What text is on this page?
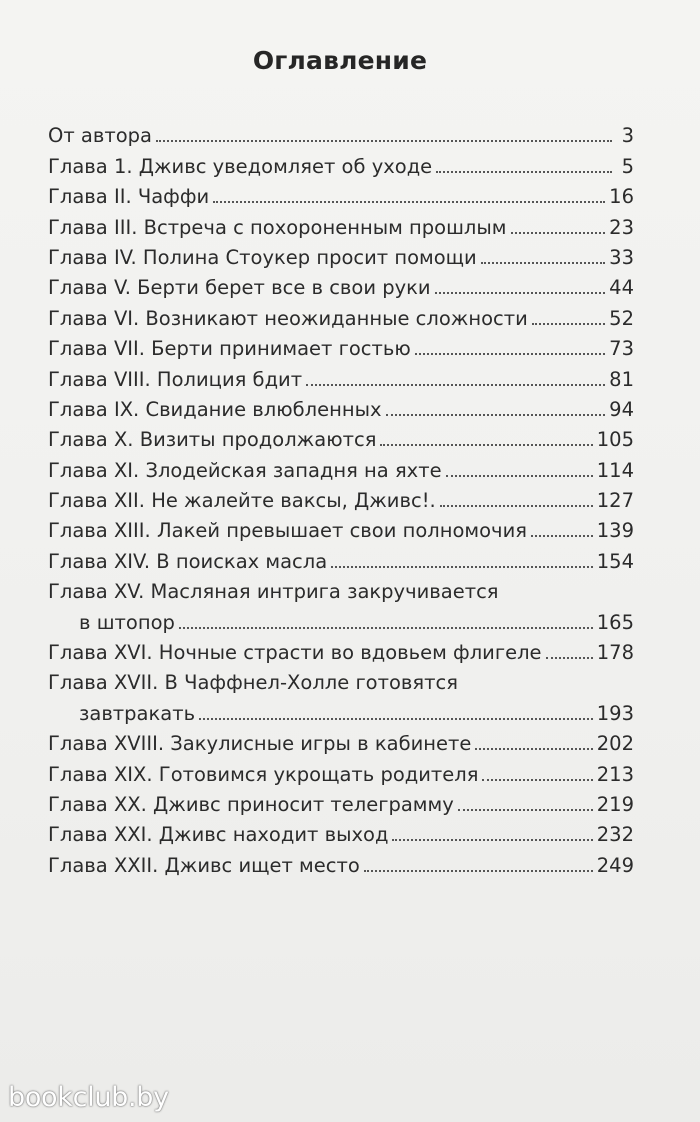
Оглавление
От автора	3
Глава 1. Дживс уведомляет об уходе	5
Глава II. Чаффи	16
Глава III. Встреча с похороненным прошлым	23
Глава IV. Полина Стоукер просит помощи	33
Глава V. Берти берет все в свои руки	44
Глава VI. Возникают неожиданные сложности	52
Глава VII. Берти принимает гостью	73
Глава VIII. Полиция бдит	81
Глава IX. Свидание влюбленных	94
Глава X. Визиты продолжаются	105
Глава XI. Злодейская западня на яхте	114
Глава XII. Не жалейте ваксы, Дживс!.	127
Глава XIII. Лакей превышает свои полномочия	139
Глава XIV. В поисках масла	154
Глава XV. Масляная интрига закручивается
в штопор	165
Глава XVI. Ночные страсти во вдовьем флигеле	178
Глава XVII. В Чаффнел-Холле готовятся
завтракать	193
Глава XVIII. Закулисные игры в кабинете	202
Глава XIX. Готовимся укрощать родителя	213
Глава XX. Дживс приносит телеграмму	219
Глава XXI. Дживс находит выход	232
Глава XXII. Дживс ищет место	249
bookclub.by
